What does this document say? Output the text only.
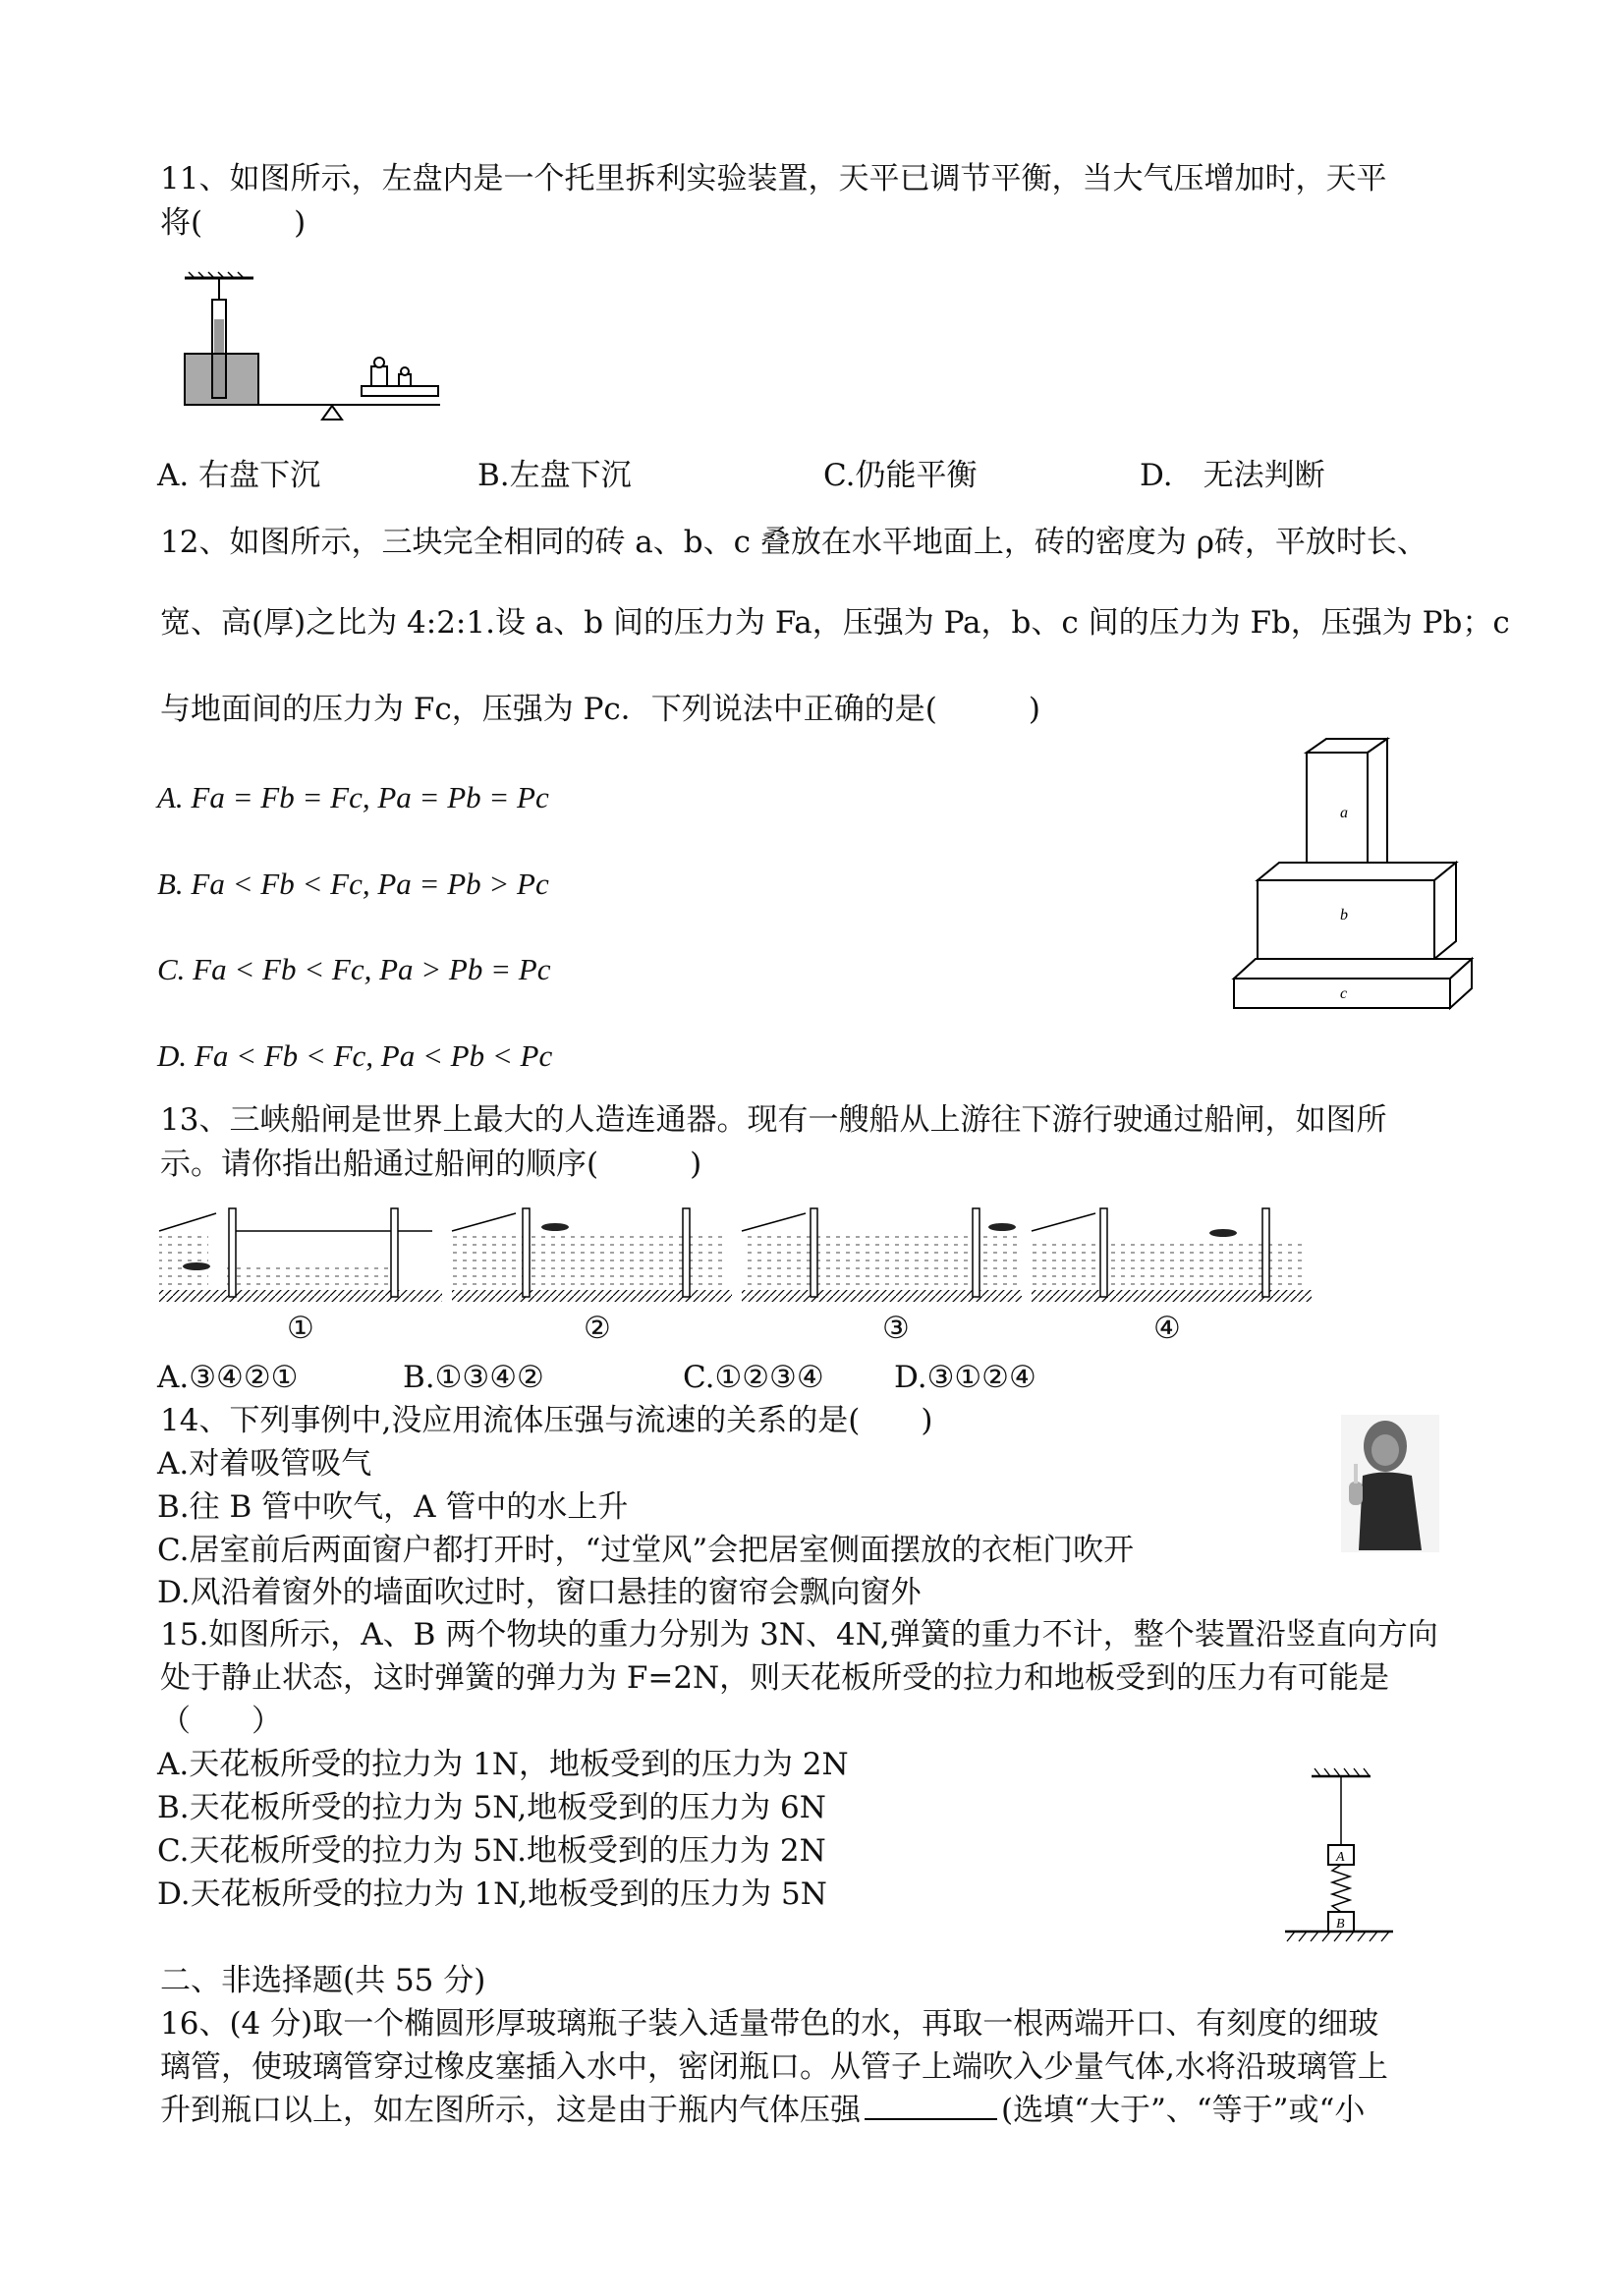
11、如图所示，左盘内是一个托里拆利实验装置，天平已调节平衡，当大气压增加时，天平
将(　　　)
A. 右盘下沉	B.左盘下沉	C.仍能平衡	D.　无法判断
12、如图所示，三块完全相同的砖 a、b、c 叠放在水平地面上，砖的密度为 ρ砖，平放时长、
宽、高(厚)之比为 4:2:1.设 a、b 间的压力为 Fa，压强为 Pa，b、c 间的压力为 Fb，压强为 Pb；c
与地面间的压力为 Fc，压强为 Pc．下列说法中正确的是(　　　)
A. Fa = Fb = Fc, Pa = Pb = Pc
B. Fa < Fb < Fc, Pa = Pb > Pc
C. Fa < Fb < Fc, Pa > Pb = Pc
D. Fa < Fb < Fc, Pa < Pb < Pc
a
b
c
13、三峡船闸是世界上最大的人造连通器。现有一艘船从上游往下游行驶通过船闸，如图所
示。请你指出船通过船闸的顺序(　　　)
①	②	③	④
A.③④②①	B.①③④②	C.①②③④ D.③①②④
14、下列事例中,没应用流体压强与流速的关系的是(　　)
A.对着吸管吸气
B.往 B 管中吹气，A 管中的水上升
C.居室前后两面窗户都打开时，“过堂风”会把居室侧面摆放的衣柜门吹开
D.风沿着窗外的墙面吹过时，窗口悬挂的窗帘会飘向窗外
15.如图所示，A、B 两个物块的重力分别为 3N、4N,弹簧的重力不计，整个装置沿竖直向方向
处于静止状态，这时弹簧的弹力为 F=2N，则天花板所受的拉力和地板受到的压力有可能是
（　　）
A.天花板所受的拉力为 1N，地板受到的压力为 2N
B.天花板所受的拉力为 5N,地板受到的压力为 6N
C.天花板所受的拉力为 5N.地板受到的压力为 2N
D.天花板所受的拉力为 1N,地板受到的压力为 5N
A
B
二、非选择题(共 55 分)
16、(4 分)取一个椭圆形厚玻璃瓶子装入适量带色的水，再取一根两端开口、有刻度的细玻
璃管，使玻璃管穿过橡皮塞插入水中，密闭瓶口。从管子上端吹入少量气体,水将沿玻璃管上
升到瓶口以上，如左图所示，这是由于瓶内气体压强	(选填“大于”、“等于”或“小
